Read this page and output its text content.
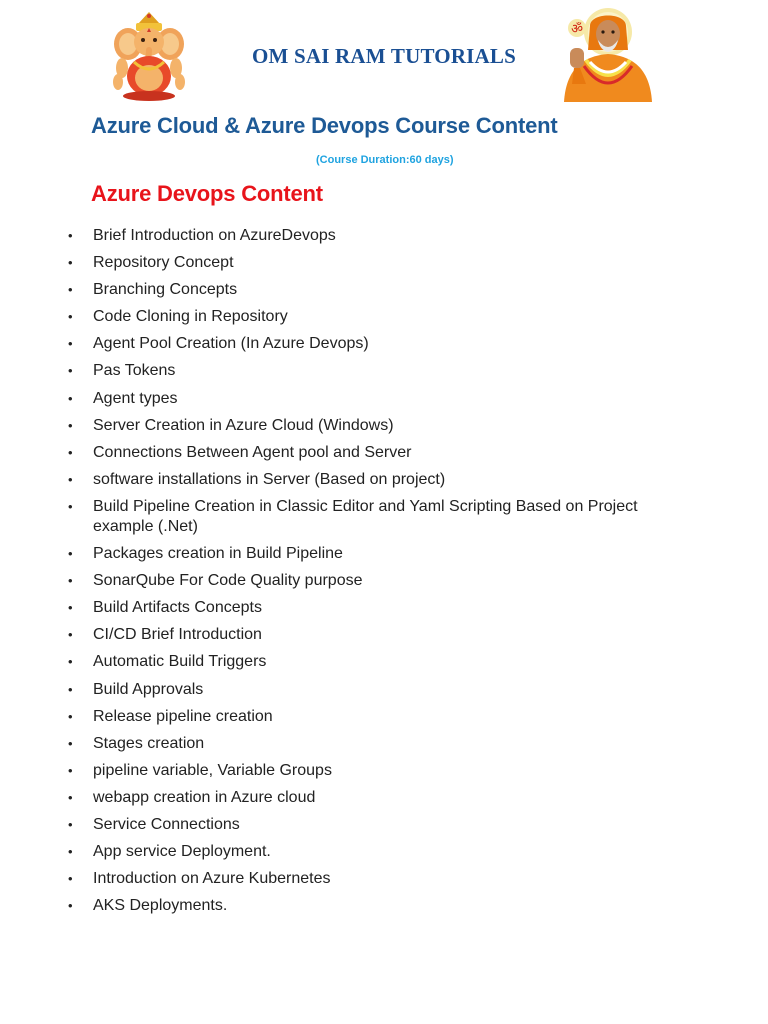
ॐ
OM SAI RAM TUTORIALS
Azure Cloud & Azure Devops Course Content
(Course Duration:60 days)
Azure Devops Content
• Brief Introduction on AzureDevops
• Repository Concept
• Branching Concepts
• Code Cloning in Repository
• Agent Pool Creation (In Azure Devops)
• Pas Tokens
• Agent types
• Server Creation in Azure Cloud (Windows)
• Connections Between Agent pool and Server
• software installations in Server (Based on project)
• Build Pipeline Creation in Classic Editor and Yaml Scripting Based on Project example (.Net)
• Packages creation in Build Pipeline
• SonarQube For Code Quality purpose
• Build Artifacts Concepts
• CI/CD Brief Introduction
• Automatic Build Triggers
• Build Approvals
• Release pipeline creation
• Stages creation
• pipeline variable, Variable Groups
• webapp creation in Azure cloud
• Service Connections
• App service Deployment.
• Introduction on Azure Kubernetes
• AKS Deployments.
